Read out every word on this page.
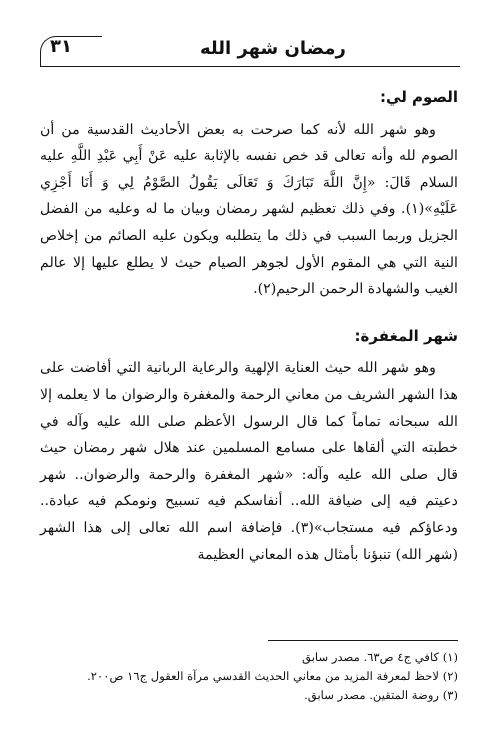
٣١	رمضان شهر الله
الصوم لي:

وهو شهر الله لأنه كما صرحت به بعض الأحاديث القدسية من أن الصوم لله وأنه تعالى قد خص نفسه بالإثابة عليه عَنْ أَبِي عَبْدِ اللَّهِ عليه السلام قَالَ: «إِنَّ اللَّهَ تَبَارَكَ وَ تَعَالَى يَقُولُ الصَّوْمُ لِي وَ أَنَا أَجْزِي عَلَيْهِ»(١). وفي ذلك تعظيم لشهر رمضان وبيان ما له وعليه من الفضل الجزيل وربما السبب في ذلك ما يتطلبه ويكون عليه الصائم من إخلاص النية التي هي المقوم الأول لجوهر الصيام حيث لا يطلع عليها إلا عالم الغيب والشهادة الرحمن الرحيم(٢).

شهر المغفرة:

وهو شهر الله حيث العناية الإلهية والرعاية الربانية التي أفاضت على هذا الشهر الشريف من معاني الرحمة والمغفرة والرضوان ما لا يعلمه إلا الله سبحانه تماماً كما قال الرسول الأعظم صلى الله عليه وآله في خطبته التي ألقاها على مسامع المسلمين عند هلال شهر رمضان حيث قال صلى الله عليه وآله: «شهر المغفرة والرحمة والرضوان.. شهر دعيتم فيه إلى ضيافة الله.. أنفاسكم فيه تسبيح ونومكم فيه عبادة.. ودعاؤكم فيه مستجاب»(٣). فإضافة اسم الله تعالى إلى هذا الشهر (شهر الله) تنبؤنا بأمثال هذه المعاني العظيمة

(١) كافي ج٤ ص٦٣. مصدر سابق

(٢) لاحظ لمعرفة المزيد من معاني الحديث القدسي مرآة العقول ج١٦ ص٢٠٠.

(٣) روضة المتقين. مصدر سابق.
